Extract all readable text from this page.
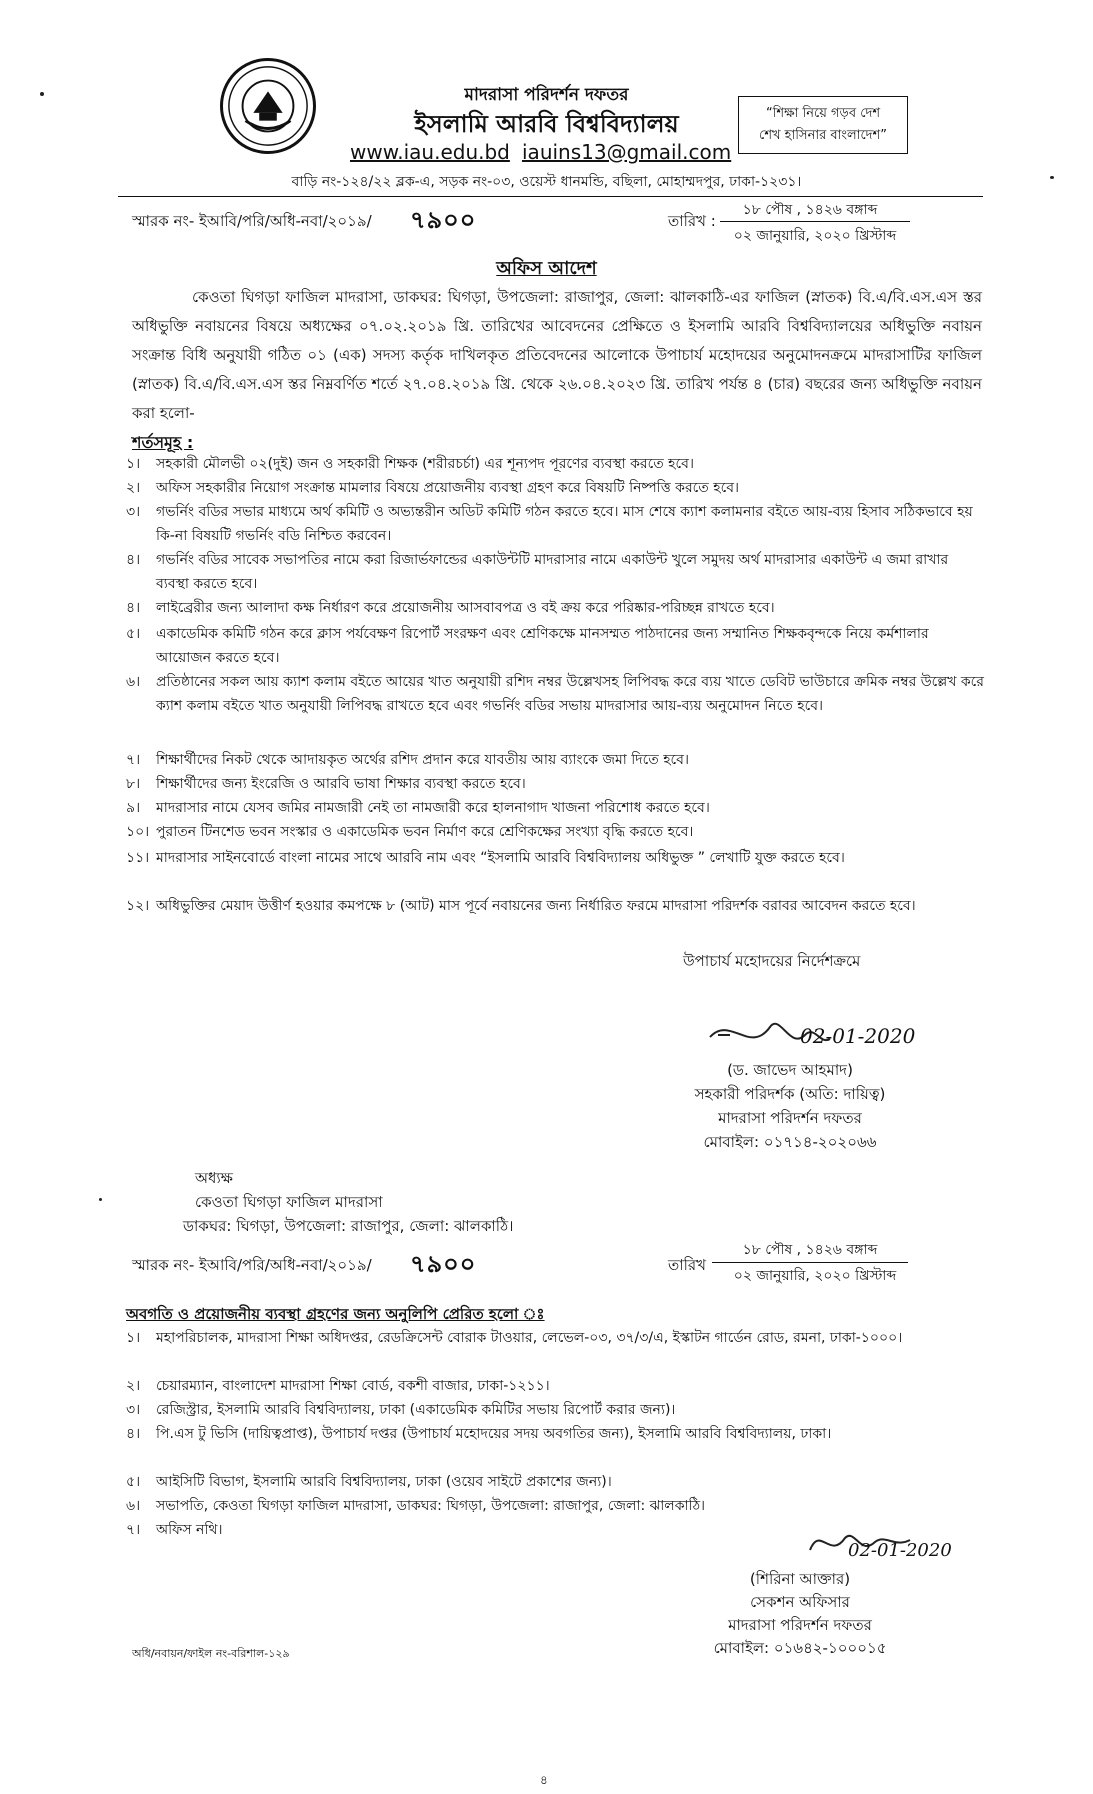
মাদরাসা পরিদর্শন দফতর
ইসলামি আরবি বিশ্ববিদ্যালয়
www.iau.edu.bd iauins13@gmail.com
বাড়ি নং-১২৪/২২ ব্লক-এ, সড়ক নং-০৩, ওয়েস্ট ধানমন্ডি, বছিলা, মোহাম্মদপুর, ঢাকা-১২৩১।
“শিক্ষা নিয়ে গড়ব দেশ
শেখ হাসিনার বাংলাদেশ”
স্মারক নং- ইআবি/পরি/অধি-নবা/২০১৯/ ৭৯০০	তারিখ :
১৮ পৌষ , ১৪২৬ বঙ্গাব্দ
০২ জানুয়ারি, ২০২০ খ্রিস্টাব্দ
অফিস আদেশ
কেওতা ঘিগড়া ফাজিল মাদরাসা, ডাকঘর: ঘিগড়া, উপজেলা: রাজাপুর, জেলা: ঝালকাঠি-এর ফাজিল (স্নাতক) বি.এ/বি.এস.এস স্তর অধিভুক্তি নবায়নের বিষয়ে অধ্যক্ষের ০৭.০২.২০১৯ খ্রি. তারিখের আবেদনের প্রেক্ষিতে ও ইসলামি আরবি বিশ্ববিদ্যালয়ের অধিভুক্তি নবায়ন সংক্রান্ত বিধি অনুযায়ী গঠিত ০১ (এক) সদস্য কর্তৃক দাখিলকৃত প্রতিবেদনের আলোকে উপাচার্য মহোদয়ের অনুমোদনক্রমে মাদরাসাটির ফাজিল (স্নাতক) বি.এ/বি.এস.এস স্তর নিম্নবর্ণিত শর্তে ২৭.০৪.২০১৯ খ্রি. থেকে ২৬.০৪.২০২৩ খ্রি. তারিখ পর্যন্ত ৪ (চার) বছরের জন্য অধিভুক্তি নবায়ন করা হলো-
শর্তসমূহ :
১।	সহকারী মৌলভী ০২(দুই) জন ও সহকারী শিক্ষক (শরীরচর্চা) এর শূন্যপদ পূরণের ব্যবস্থা করতে হবে।
২।	অফিস সহকারীর নিয়োগ সংক্রান্ত মামলার বিষয়ে প্রয়োজনীয় ব্যবস্থা গ্রহণ করে বিষয়টি নিষ্পত্তি করতে হবে।
৩।	গভর্নিং বডির সভার মাধ্যমে অর্থ কমিটি ও অভ্যন্তরীন অডিট কমিটি গঠন করতে হবে। মাস শেষে ক্যাশ কলামনার বইতে আয়-ব্যয় হিসাব সঠিকভাবে হয় কি-না বিষয়টি গভর্নিং বডি নিশ্চিত করবেন।
৪।	গভর্নিং বডির সাবেক সভাপতির নামে করা রিজার্ভফান্ডের একাউন্টটি মাদরাসার নামে একাউন্ট খুলে সমুদয় অর্থ মাদরাসার একাউন্ট এ জমা রাখার ব্যবস্থা করতে হবে।
৪।	লাইব্রেরীর জন্য আলাদা কক্ষ নির্ধারণ করে প্রয়োজনীয় আসবাবপত্র ও বই ক্রয় করে পরিষ্কার-পরিচ্ছন্ন রাখতে হবে।
৫।	একাডেমিক কমিটি গঠন করে ক্লাস পর্যবেক্ষণ রিপোর্ট সংরক্ষণ এবং শ্রেণিকক্ষে মানসম্মত পাঠদানের জন্য সম্মানিত শিক্ষকবৃন্দকে নিয়ে কর্মশালার আয়োজন করতে হবে।
৬।	প্রতিষ্ঠানের সকল আয় ক্যাশ কলাম বইতে আয়ের খাত অনুযায়ী রশিদ নম্বর উল্লেখসহ লিপিবদ্ধ করে ব্যয় খাতে ডেবিট ভাউচারে ক্রমিক নম্বর উল্লেখ করে ক্যাশ কলাম বইতে খাত অনুযায়ী লিপিবদ্ধ রাখতে হবে এবং গভর্নিং বডির সভায় মাদরাসার আয়-ব্যয় অনুমোদন নিতে হবে।
৭।	শিক্ষার্থীদের নিকট থেকে আদায়কৃত অর্থের রশিদ প্রদান করে যাবতীয় আয় ব্যাংকে জমা দিতে হবে।
৮।	শিক্ষার্থীদের জন্য ইংরেজি ও আরবি ভাষা শিক্ষার ব্যবস্থা করতে হবে।
৯।	মাদরাসার নামে যেসব জমির নামজারী নেই তা নামজারী করে হালনাগাদ খাজনা পরিশোধ করতে হবে।
১০। পুরাতন টিনশেড ভবন সংস্কার ও একাডেমিক ভবন নির্মাণ করে শ্রেণিকক্ষের সংখ্যা বৃদ্ধি করতে হবে।
১১। মাদরাসার সাইনবোর্ডে বাংলা নামের সাথে আরবি নাম এবং “ইসলামি আরবি বিশ্ববিদ্যালয় অধিভুক্ত ” লেখাটি যুক্ত করতে হবে।
১২। অধিভুক্তির মেয়াদ উত্তীর্ণ হওয়ার কমপক্ষে ৮ (আট) মাস পূর্বে নবায়নের জন্য নির্ধারিত ফরমে মাদরাসা পরিদর্শক বরাবর আবেদন করতে হবে।
উপাচার্য মহোদয়ের নির্দেশক্রমে
02-01-2020
(ড. জাভেদ আহমাদ)
সহকারী পরিদর্শক (অতি: দায়িত্ব)
মাদরাসা পরিদর্শন দফতর
মোবাইল: ০১৭১৪-২০২০৬৬
অধ্যক্ষ
কেওতা ঘিগড়া ফাজিল মাদরাসা
ডাকঘর: ঘিগড়া, উপজেলা: রাজাপুর, জেলা: ঝালকাঠি।
স্মারক নং- ইআবি/পরি/অধি-নবা/২০১৯/ ৭৯০০	তারিখ
১৮ পৌষ , ১৪২৬ বঙ্গাব্দ
০২ জানুয়ারি, ২০২০ খ্রিস্টাব্দ
অবগতি ও প্রয়োজনীয় ব্যবস্থা গ্রহণের জন্য অনুলিপি প্রেরিত হলো ঃ
১।	মহাপরিচালক, মাদরাসা শিক্ষা অধিদপ্তর, রেডক্রিসেন্ট বোরাক টাওয়ার, লেভেল-০৩, ৩৭/৩/এ, ইস্কাটন গার্ডেন রোড, রমনা, ঢাকা-১০০০।
২।	চেয়ারম্যান, বাংলাদেশ মাদরাসা শিক্ষা বোর্ড, বকশী বাজার, ঢাকা-১২১১।
৩।	রেজিস্ট্রার, ইসলামি আরবি বিশ্ববিদ্যালয়, ঢাকা (একাডেমিক কমিটির সভায় রিপোর্ট করার জন্য)।
৪।	পি.এস টু ভিসি (দায়িত্বপ্রাপ্ত), উপাচার্য দপ্তর (উপাচার্য মহোদয়ের সদয় অবগতির জন্য), ইসলামি আরবি বিশ্ববিদ্যালয়, ঢাকা।
৫।	আইসিটি বিভাগ, ইসলামি আরবি বিশ্ববিদ্যালয়, ঢাকা (ওয়েব সাইটে প্রকাশের জন্য)।
৬।	সভাপতি, কেওতা ঘিগড়া ফাজিল মাদরাসা, ডাকঘর: ঘিগড়া, উপজেলা: রাজাপুর, জেলা: ঝালকাঠি।
৭।	অফিস নথি।
02-01-2020
(শিরিনা আক্তার)
সেকশন অফিসার
মাদরাসা পরিদর্শন দফতর
মোবাইল: ০১৬৪২-১০০০১৫
অধি/নবায়ন/ফাইল নং-বরিশাল-১২৯
৪
